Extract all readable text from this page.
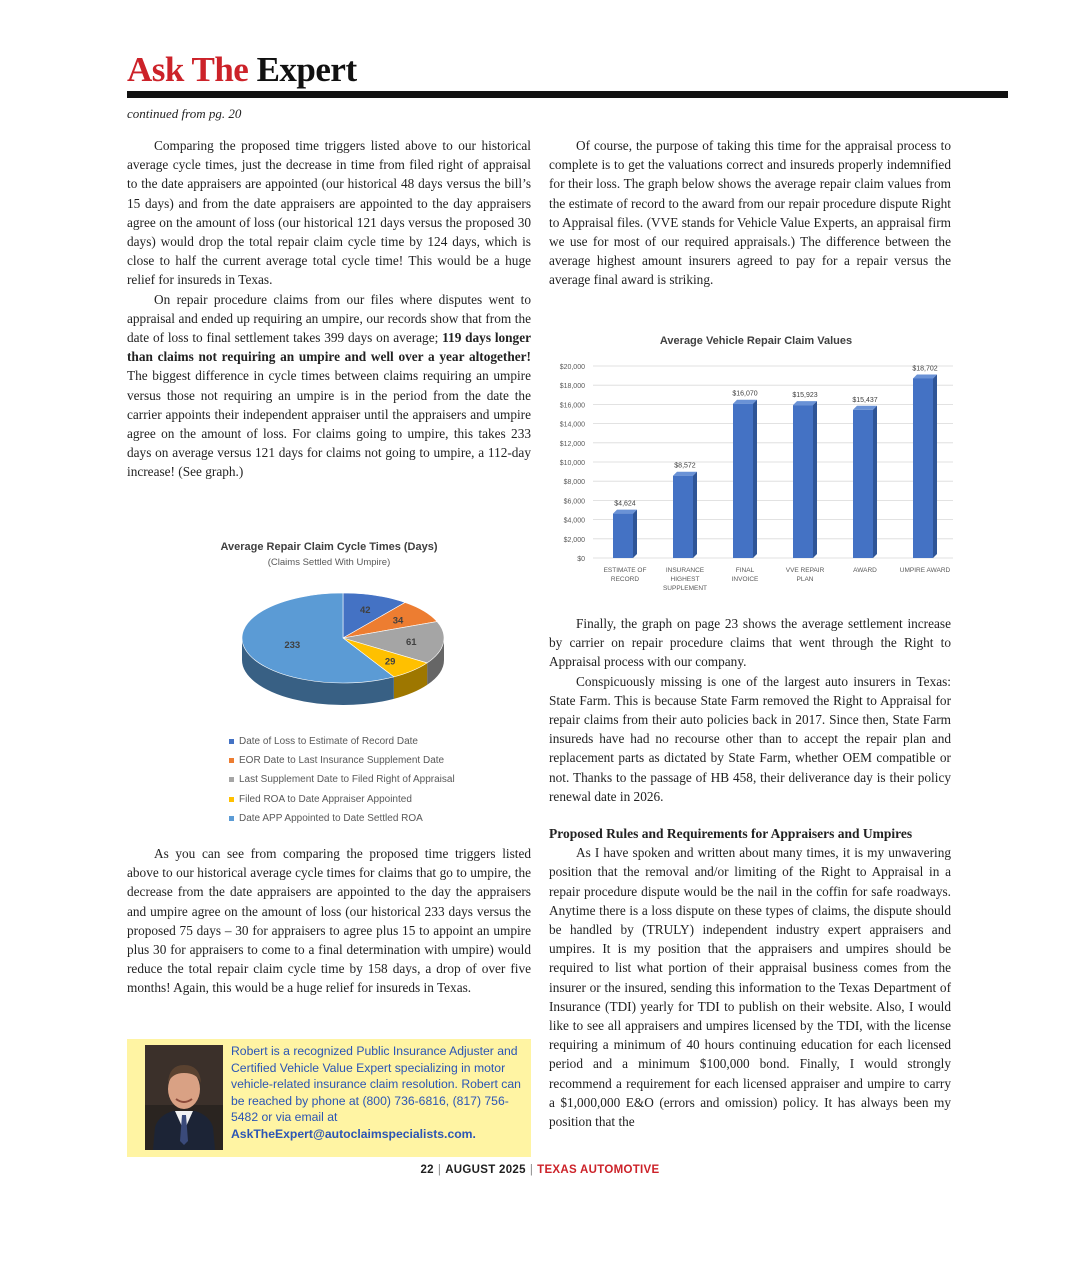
Ask The Expert
continued from pg. 20

Comparing the proposed time triggers listed above to our historical average cycle times, just the decrease in time from filed right of appraisal to the date appraisers are appointed (our historical 48 days versus the bill’s 15 days) and from the date appraisers are appointed to the day appraisers agree on the amount of loss (our historical 121 days versus the proposed 30 days) would drop the total repair claim cycle time by 124 days, which is close to half the current average total cycle time! This would be a huge relief for insureds in Texas.

On repair procedure claims from our files where disputes went to appraisal and ended up requiring an umpire, our records show that from the date of loss to final settlement takes 399 days on average; 119 days longer than claims not requiring an umpire and well over a year altogether! The biggest difference in cycle times between claims requiring an umpire versus those not requiring an umpire is in the period from the date the carrier appoints their independent appraiser until the appraisers and umpire agree on the amount of loss. For claims going to umpire, this takes 233 days on average versus 121 days for claims not going to umpire, a 112-day increase! (See graph.)

Average Repair Claim Cycle Times (Days)
(Claims Settled With Umpire)
42
34
61
29
233
Date of Loss to Estimate of Record Date
EOR Date to Last Insurance Supplement Date
Last Supplement Date to Filed Right of Appraisal
Filed ROA to Date Appraiser Appointed
Date APP Appointed to Date Settled ROA

As you can see from comparing the proposed time triggers listed above to our historical average cycle times for claims that go to umpire, the decrease from the date appraisers are appointed to the day the appraisers and umpire agree on the amount of loss (our historical 233 days versus the proposed 75 days – 30 for appraisers to agree plus 15 to appoint an umpire plus 30 for appraisers to come to a final determination with umpire) would reduce the total repair claim cycle time by 158 days, a drop of over five months! Again, this would be a huge relief for insureds in Texas.

Robert is a recognized Public Insurance Adjuster and Certified Vehicle Value Expert specializing in motor vehicle-related insurance claim resolution. Robert can be reached by phone at (800) 736-6816, (817) 756-5482 or via email at AskTheExpert@autoclaimspecialists.com.

Of course, the purpose of taking this time for the appraisal process to complete is to get the valuations correct and insureds properly indemnified for their loss. The graph below shows the average repair claim values from the estimate of record to the award from our repair procedure dispute Right to Appraisal files. (VVE stands for Vehicle Value Experts, an appraisal firm we use for most of our required appraisals.) The difference between the average highest amount insurers agreed to pay for a repair versus the average final award is striking.

Average Vehicle Repair Claim Values
$0
$2,000
$4,000
$6,000
$8,000
$10,000
$12,000
$14,000
$16,000
$18,000
$20,000
$4,624
$8,572
$16,070	$15,923
$15,437
$18,702
ESTIMATE OF
RECORD
INSURANCE
HIGHEST
SUPPLEMENT
FINAL
INVOICE
VVE REPAIR
PLAN
AWARD	UMPIRE AWARD

Finally, the graph on page 23 shows the average settlement increase by carrier on repair procedure claims that went through the Right to Appraisal process with our company.

Conspicuously missing is one of the largest auto insurers in Texas: State Farm. This is because State Farm removed the Right to Appraisal for repair claims from their auto policies back in 2017. Since then, State Farm insureds have had no recourse other than to accept the repair plan and replacement parts as dictated by State Farm, whether OEM compatible or not. Thanks to the passage of HB 458, their deliverance day is their policy renewal date in 2026.

Proposed Rules and Requirements for Appraisers and Umpires

As I have spoken and written about many times, it is my unwavering position that the removal and/or limiting of the Right to Appraisal in a repair procedure dispute would be the nail in the coffin for safe roadways. Anytime there is a loss dispute on these types of claims, the dispute should be handled by (TRULY) independent industry expert appraisers and umpires. It is my position that the appraisers and umpires should be required to list what portion of their appraisal business comes from the insurer or the insured, sending this information to the Texas Department of Insurance (TDI) yearly for TDI to publish on their website. Also, I would like to see all appraisers and umpires licensed by the TDI, with the license requiring a minimum of 40 hours continuing education for each licensed period and a minimum $100,000 bond. Finally, I would strongly recommend a requirement for each licensed appraiser and umpire to carry a $1,000,000 E&O (errors and omission) policy. It has always been my position that the

22 | AUGUST 2025 | TEXAS AUTOMOTIVE
